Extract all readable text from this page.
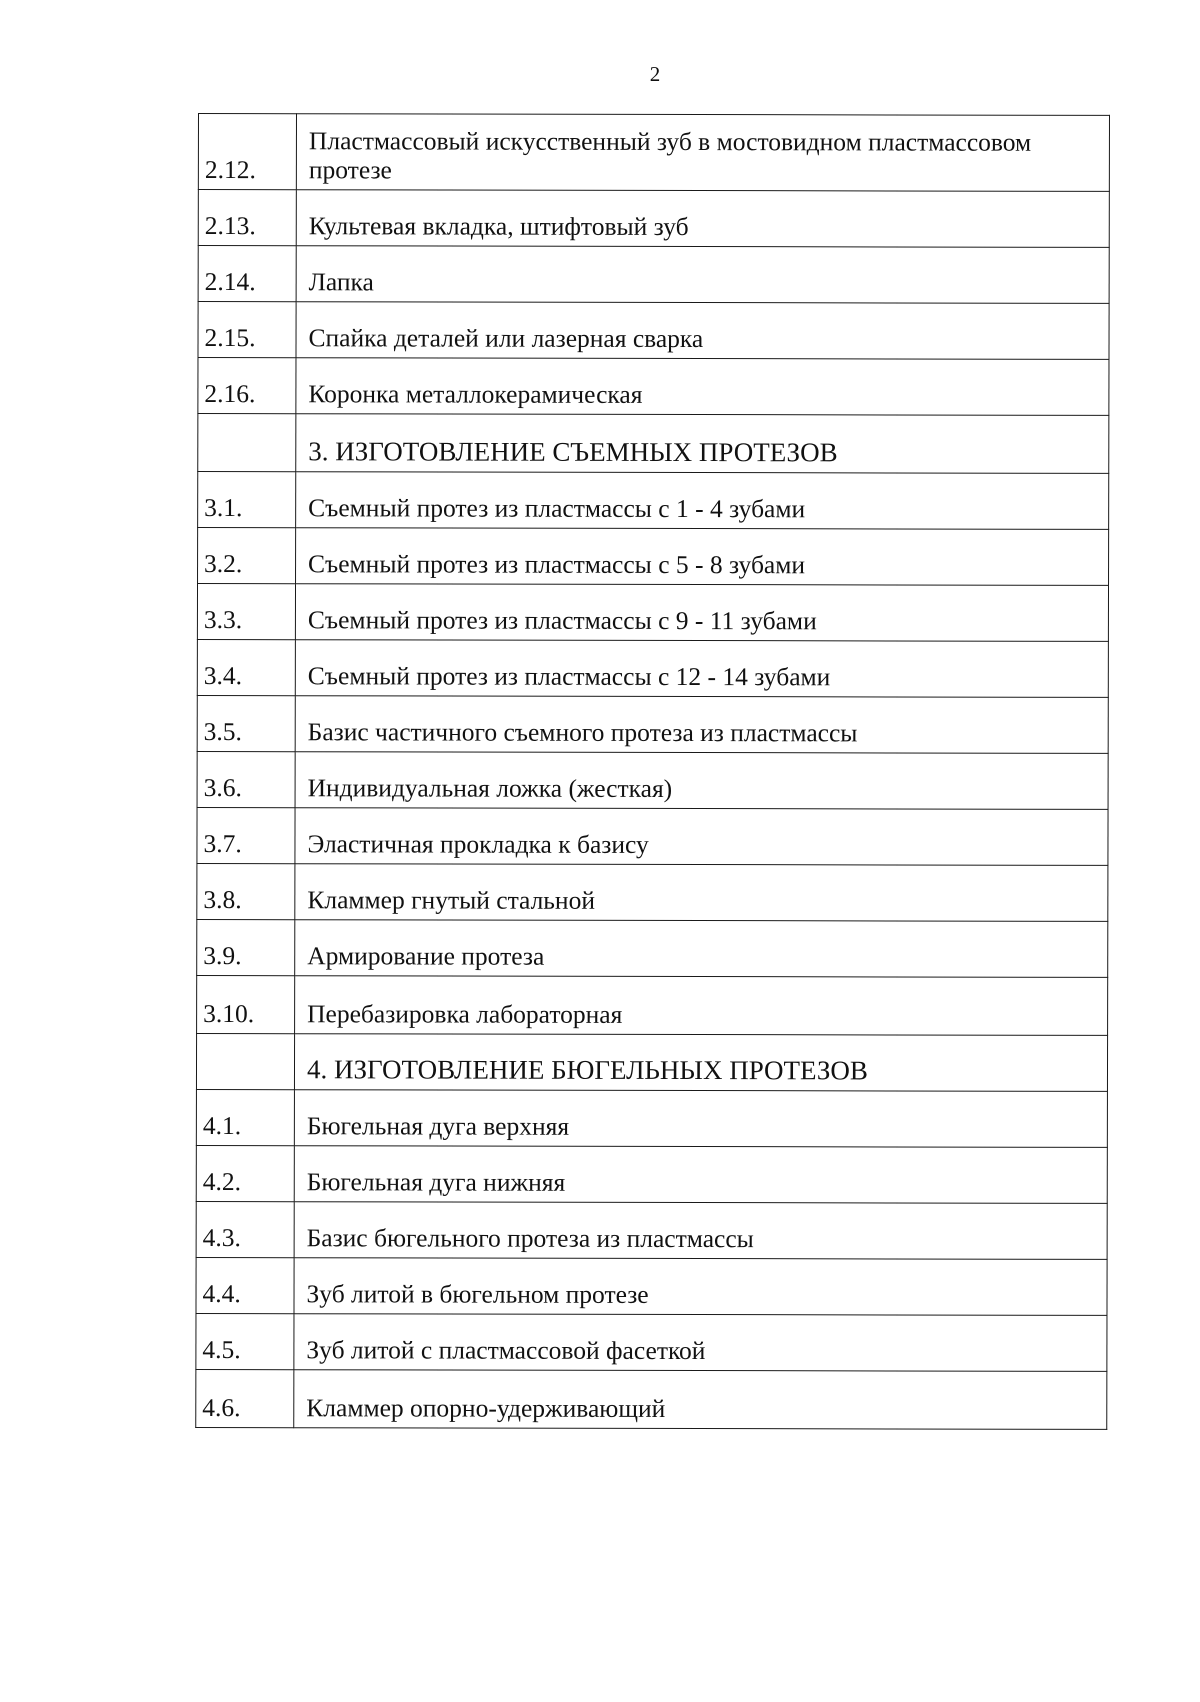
2
2.12.	Пластмассовый искусственный зуб в мостовидном пластмассовом протезе
2.13.	Культевая вкладка, штифтовый зуб
2.14.	Лапка
2.15.	Спайка деталей или лазерная сварка
2.16.	Коронка металлокерамическая
	3. ИЗГОТОВЛЕНИЕ СЪЕМНЫХ ПРОТЕЗОВ
3.1.	Съемный протез из пластмассы с 1 - 4 зубами
3.2.	Съемный протез из пластмассы с 5 - 8 зубами
3.3.	Съемный протез из пластмассы с 9 - 11 зубами
3.4.	Съемный протез из пластмассы с 12 - 14 зубами
3.5.	Базис частичного съемного протеза из пластмассы
3.6.	Индивидуальная ложка (жесткая)
3.7.	Эластичная прокладка к базису
3.8.	Кламмер гнутый стальной
3.9.	Армирование протеза
3.10.	Перебазировка лабораторная
	4. ИЗГОТОВЛЕНИЕ БЮГЕЛЬНЫХ ПРОТЕЗОВ
4.1.	Бюгельная дуга верхняя
4.2.	Бюгельная дуга нижняя
4.3.	Базис бюгельного протеза из пластмассы
4.4.	Зуб литой в бюгельном протезе
4.5.	Зуб литой с пластмассовой фасеткой
4.6.	Кламмер опорно-удерживающий
